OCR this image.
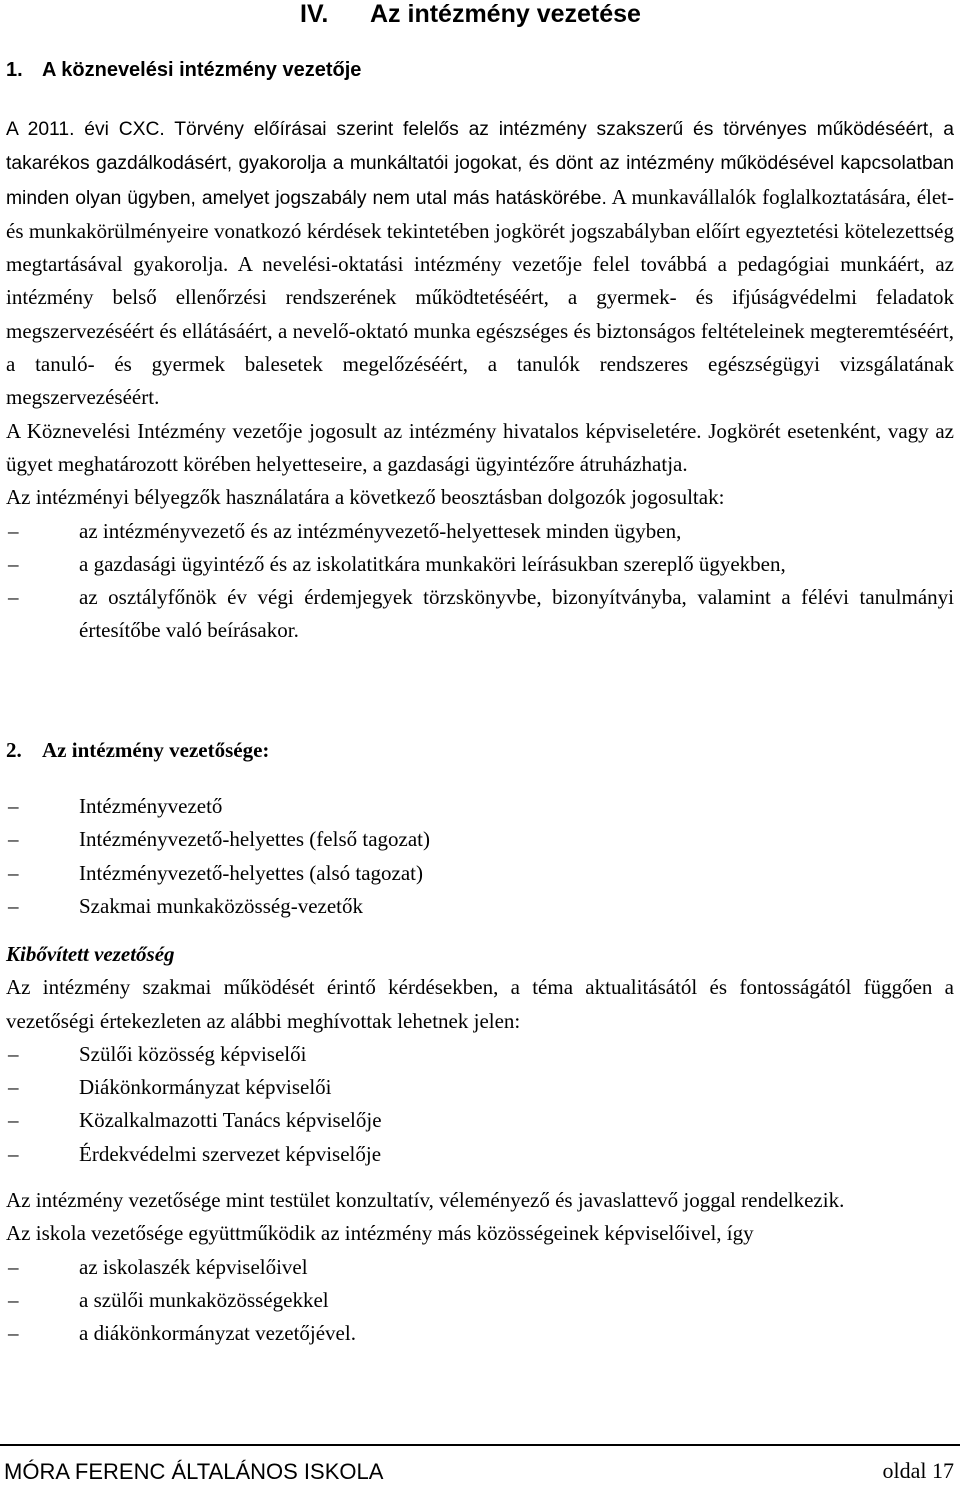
IV. Az intézmény vezetése
1. A köznevelési intézmény vezetője

A 2011. évi CXC. Törvény előírásai szerint felelős az intézmény szakszerű és törvényes működéséért, a takarékos gazdálkodásért, gyakorolja a munkáltatói jogokat, és dönt az intézmény működésével kapcsolatban minden olyan ügyben, amelyet jogszabály nem utal más hatáskörébe. A munkavállalók foglalkoztatására, élet- és munkakörülményeire vonatkozó kérdések tekintetében jogkörét jogszabályban előírt egyeztetési kötelezettség megtartásával gyakorolja. A nevelési-oktatási intézmény vezetője felel továbbá a pedagógiai munkáért, az intézmény belső ellenőrzési rendszerének működtetéséért, a gyermek- és ifjúságvédelmi feladatok megszervezéséért és ellátásáért, a nevelő-oktató munka egészséges és biztonságos feltételeinek megteremtéséért, a tanuló- és gyermek balesetek megelőzéséért, a tanulók rendszeres egészségügyi vizsgálatának megszervezéséért.

A Köznevelési Intézmény vezetője jogosult az intézmény hivatalos képviseletére. Jogkörét esetenként, vagy az ügyet meghatározott körében helyetteseire, a gazdasági ügyintézőre átruházhatja.

Az intézményi bélyegzők használatára a következő beosztásban dolgozók jogosultak:

– az intézményvezető és az intézményvezető-helyettesek minden ügyben,
– a gazdasági ügyintéző és az iskolatitkára munkaköri leírásukban szereplő ügyekben,
– az osztályfőnök év végi érdemjegyek törzskönyvbe, bizonyítványba, valamint a félévi tanulmányi értesítőbe való beírásakor.
2. Az intézmény vezetősége:
– Intézményvezető
– Intézményvezető-helyettes (felső tagozat)
– Intézményvezető-helyettes (alsó tagozat)
– Szakmai munkaközösség-vezetők

Kibővített vezetőség

Az intézmény szakmai működését érintő kérdésekben, a téma aktualitásától és fontosságától függően a vezetőségi értekezleten az alábbi meghívottak lehetnek jelen:

– Szülői közösség képviselői
– Diákönkormányzat képviselői
– Közalkalmazotti Tanács képviselője
– Érdekvédelmi szervezet képviselője

Az intézmény vezetősége mint testület konzultatív, véleményező és javaslattevő joggal rendelkezik.

Az iskola vezetősége együttműködik az intézmény más közösségeinek képviselőivel, így

– az iskolaszék képviselőivel
– a szülői munkaközösségekkel
– a diákönkormányzat vezetőjével.
MÓRA FERENC ÁLTALÁNOS ISKOLA	oldal 17
